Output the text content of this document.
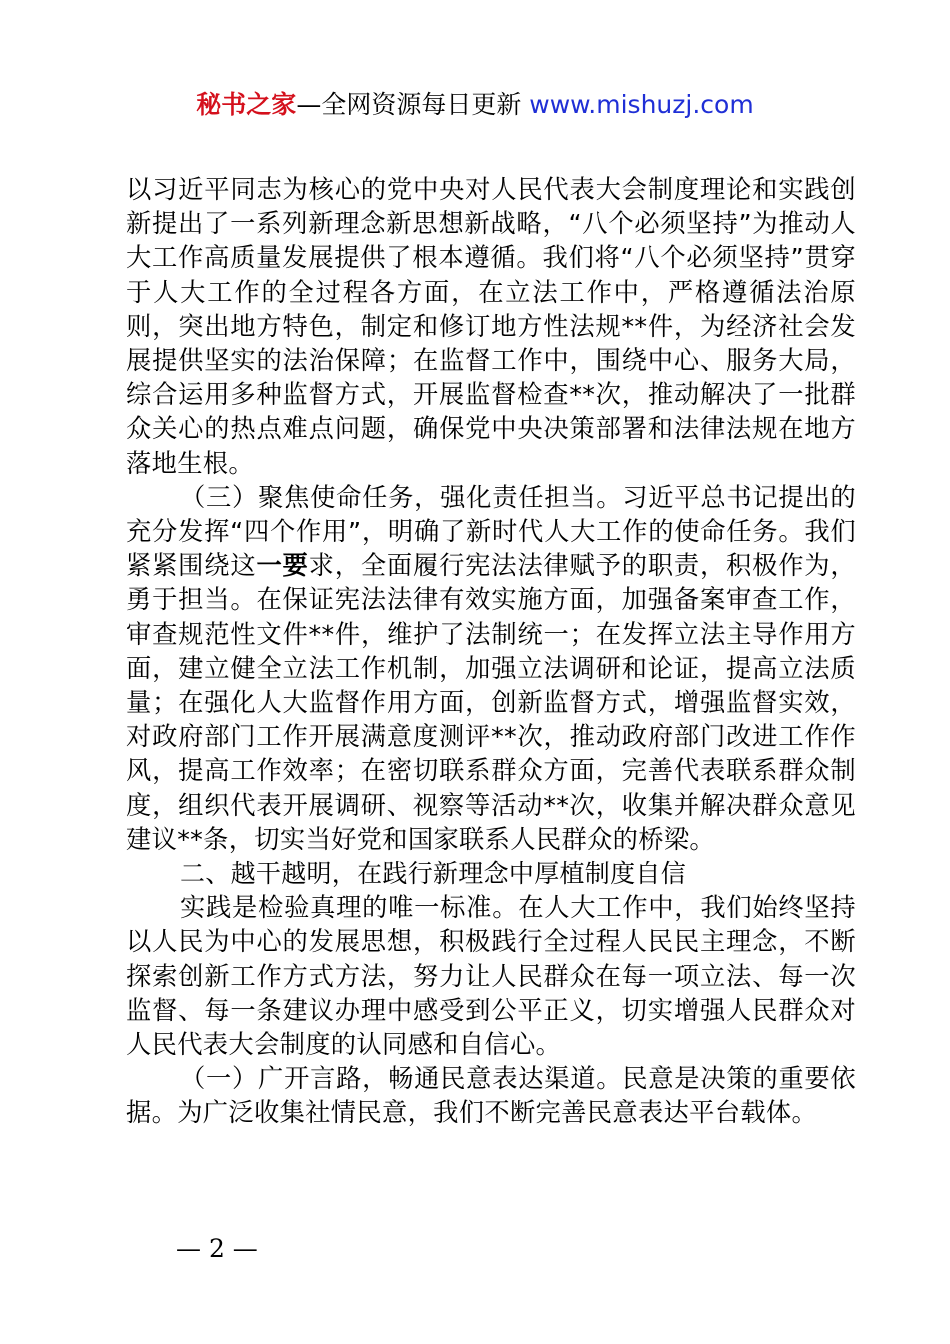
秘书之家—全网资源每日更新 www.mishuzj.com

以习近平同志为核心的党中央对人民代表大会制度理论和实践创新提出了一系列新理念新思想新战略，“八个必须坚持”为推动人大工作高质量发展提供了根本遵循。我们将“八个必须坚持”贯穿于人大工作的全过程各方面，在立法工作中，严格遵循法治原则，突出地方特色，制定和修订地方性法规**件，为经济社会发展提供坚实的法治保障；在监督工作中，围绕中心、服务大局，综合运用多种监督方式，开展监督检查**次，推动解决了一批群众关心的热点难点问题，确保党中央决策部署和法律法规在地方落地生根。

（三）聚焦使命任务，强化责任担当。习近平总书记提出的充分发挥“四个作用”，明确了新时代人大工作的使命任务。我们紧紧围绕这一要求，全面履行宪法法律赋予的职责，积极作为，勇于担当。在保证宪法法律有效实施方面，加强备案审查工作，审查规范性文件**件，维护了法制统一；在发挥立法主导作用方面，建立健全立法工作机制，加强立法调研和论证，提高立法质量；在强化人大监督作用方面，创新监督方式，增强监督实效，对政府部门工作开展满意度测评**次，推动政府部门改进工作作风，提高工作效率；在密切联系群众方面，完善代表联系群众制度，组织代表开展调研、视察等活动**次，收集并解决群众意见建议**条，切实当好党和国家联系人民群众的桥梁。

二、越干越明，在践行新理念中厚植制度自信

实践是检验真理的唯一标准。在人大工作中，我们始终坚持以人民为中心的发展思想，积极践行全过程人民民主理念，不断探索创新工作方式方法，努力让人民群众在每一项立法、每一次监督、每一条建议办理中感受到公平正义，切实增强人民群众对人民代表大会制度的认同感和自信心。

（一）广开言路，畅通民意表达渠道。民意是决策的重要依据。为广泛收集社情民意，我们不断完善民意表达平台载体。

— 2 —
